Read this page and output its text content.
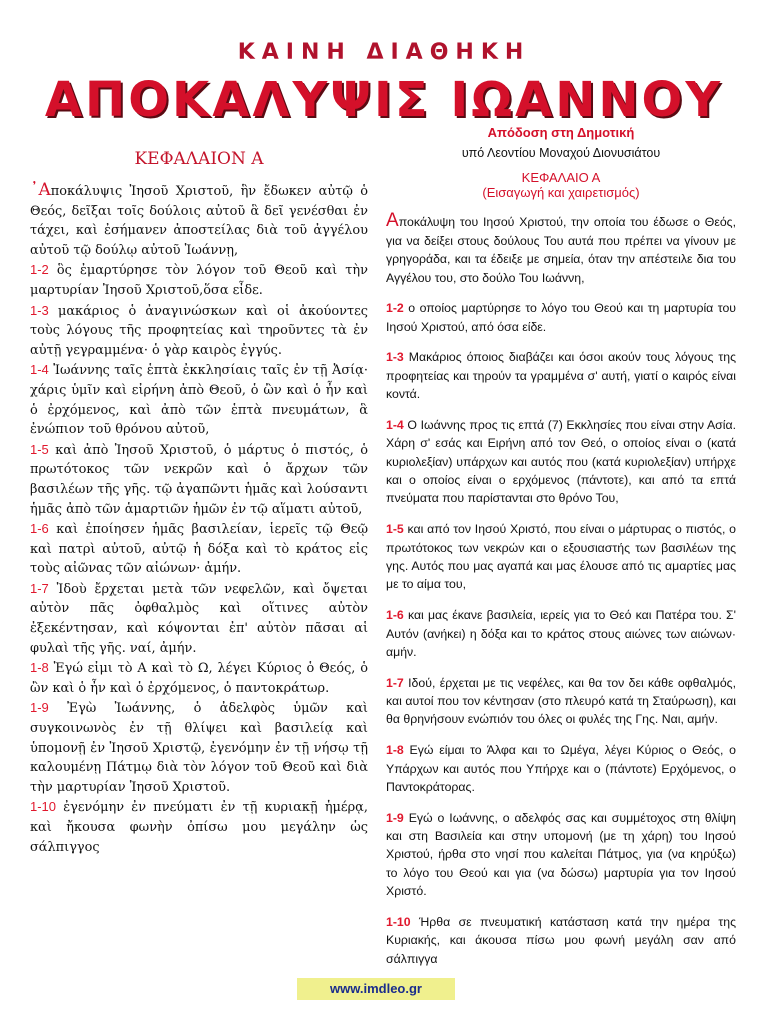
ΚΑΙΝΗ ΔΙΑΘΗΚΗ
ΑΠΟΚΑΛΥΨΙΣ ΙΩΑΝΝΟΥ
ΚΕΦΑΛΑΙΟΝ Α

᾿Αποκάλυψις Ἰησοῦ Χριστοῦ, ἣν ἔδωκεν αὐτῷ ὁ Θεός, δεῖξαι τοῖς δούλοις αὐτοῦ ἃ δεῖ γενέσθαι ἐν τάχει, καὶ ἐσήμανεν ἀποστείλας διὰ τοῦ ἀγγέλου αὐτοῦ τῷ δούλῳ αὐτοῦ Ἰωάννῃ,

1-2 ὃς ἐμαρτύρησε τὸν λόγον τοῦ Θεοῦ καὶ τὴν μαρτυρίαν Ἰησοῦ Χριστοῦ,ὅσα εἶδε.

1-3 μακάριος ὁ ἀναγινώσκων καὶ οἱ ἀκούοντες τοὺς λόγους τῆς προφητείας καὶ τηροῦντες τὰ ἐν αὐτῇ γεγραμμένα· ὁ γὰρ καιρὸς ἐγγύς.

1-4 Ἰωάννης ταῖς ἑπτὰ ἐκκλησίαις ταῖς ἐν τῇ Ἀσίᾳ· χάρις ὑμῖν καὶ εἰρήνη ἀπὸ Θεοῦ, ὁ ὢν καὶ ὁ ἦν καὶ ὁ ἐρχόμενος, καὶ ἀπὸ τῶν ἑπτὰ πνευμάτων, ἃ ἐνώπιον τοῦ θρόνου αὐτοῦ,

1-5 καὶ ἀπὸ Ἰησοῦ Χριστοῦ, ὁ μάρτυς ὁ πιστός, ὁ πρωτότοκος τῶν νεκρῶν καὶ ὁ ἄρχων τῶν βασιλέων τῆς γῆς. τῷ ἀγαπῶντι ἡμᾶς καὶ λούσαντι ἡμᾶς ἀπὸ τῶν ἁμαρτιῶν ἡμῶν ἐν τῷ αἵματι αὐτοῦ,

1-6 καὶ ἐποίησεν ἡμᾶς βασιλείαν, ἱερεῖς τῷ Θεῷ καὶ πατρὶ αὐτοῦ, αὐτῷ ἡ δόξα καὶ τὸ κράτος εἰς τοὺς αἰῶνας τῶν αἰώνων· ἀμήν.

1-7 Ἰδοὺ ἔρχεται μετὰ τῶν νεφελῶν, καὶ ὄψεται αὐτὸν πᾶς ὀφθαλμὸς καὶ οἵτινες αὐτὸν ἐξεκέντησαν, καὶ κόψονται ἐπ' αὐτὸν πᾶσαι αἱ φυλαὶ τῆς γῆς. ναί, ἀμήν.

1-8 Ἐγώ εἰμι τὸ Α καὶ τὸ Ω, λέγει Κύριος ὁ Θεός, ὁ ὢν καὶ ὁ ἦν καὶ ὁ ἐρχόμενος, ὁ παντοκράτωρ.

1-9 Ἐγὼ Ἰωάννης, ὁ ἀδελφὸς ὑμῶν καὶ συγκοινωνὸς ἐν τῇ θλίψει καὶ βασιλείᾳ καὶ ὑπομονῇ ἐν Ἰησοῦ Χριστῷ, ἐγενόμην ἐν τῇ νήσῳ τῇ καλουμένῃ Πάτμῳ διὰ τὸν λόγον τοῦ Θεοῦ καὶ διὰ τὴν μαρτυρίαν Ἰησοῦ Χριστοῦ.

1-10 ἐγενόμην ἐν πνεύματι ἐν τῇ κυριακῇ ἡμέρᾳ, καὶ ἤκουσα φωνὴν ὀπίσω μου μεγάλην ὡς σάλπιγγος

Απόδοση στη Δημοτική
υπό Λεοντίου Μοναχού Διονυσιάτου
ΚΕΦΑΛΑΙΟ Α
(Εισαγωγή και χαιρετισμός)

Αποκάλυψη του Ιησού Χριστού, την οποία του έδωσε ο Θεός, για να δείξει στους δούλους Του αυτά που πρέπει να γίνουν με γρηγοράδα, και τα έδειξε με σημεία, όταν την απέστειλε δια του Αγγέλου του, στο δούλο Του Ιωάννη,

1-2 ο οποίος μαρτύρησε το λόγο του Θεού και τη μαρτυρία του Ιησού Χριστού, από όσα είδε.

1-3 Μακάριος όποιος διαβάζει και όσοι ακούν τους λόγους της προφητείας και τηρούν τα γραμμένα σ' αυτή, γιατί ο καιρός είναι κοντά.

1-4 Ο Ιωάννης προς τις επτά (7) Εκκλησίες που είναι στην Ασία. Χάρη σ' εσάς και Ειρήνη από τον Θεό, ο οποίος είναι ο (κατά κυριολεξίαν) υπάρχων και αυτός που (κατά κυριολεξίαν) υπήρχε και ο οποίος είναι ο ερχόμενος (πάντοτε), και από τα επτά πνεύματα που παρίστανται στο θρόνο Του,

1-5 και από τον Ιησού Χριστό, που είναι ο μάρτυρας ο πιστός, ο πρωτότοκος των νεκρών και ο εξουσιαστής των βασιλέων της γης. Αυτός που μας αγαπά και μας έλουσε από τις αμαρτίες μας με το αίμα του,

1-6 και μας έκανε βασιλεία, ιερείς για το Θεό και Πατέρα του. Σ' Αυτόν (ανήκει) η δόξα και το κράτος στους αιώνες των αιώνων· αμήν.

1-7 Ιδού, έρχεται με τις νεφέλες, και θα τον δει κάθε οφθαλμός, και αυτοί που τον κέντησαν (στο πλευρό κατά τη Σταύρωση), και θα θρηνήσουν ενώπιόν του όλες οι φυλές της Γης. Ναι, αμήν.

1-8 Εγώ είμαι το Άλφα και το Ωμέγα, λέγει Κύριος ο Θεός, ο Υπάρχων και αυτός που Υπήρχε και ο (πάντοτε) Ερχόμενος, ο Παντοκράτορας.

1-9 Εγώ ο Ιωάννης, ο αδελφός σας και συμμέτοχος στη θλίψη και στη Βασιλεία και στην υπομονή (με τη χάρη) του Ιησού Χριστού, ήρθα στο νησί που καλείται Πάτμος, για (να κηρύξω) το λόγο του Θεού και για (να δώσω) μαρτυρία για τον Ιησού Χριστό.

1-10 Ήρθα σε πνευματική κατάσταση κατά την ημέρα της Κυριακής, και άκουσα πίσω μου φωνή μεγάλη σαν από σάλπιγγα

www.imdleo.gr
